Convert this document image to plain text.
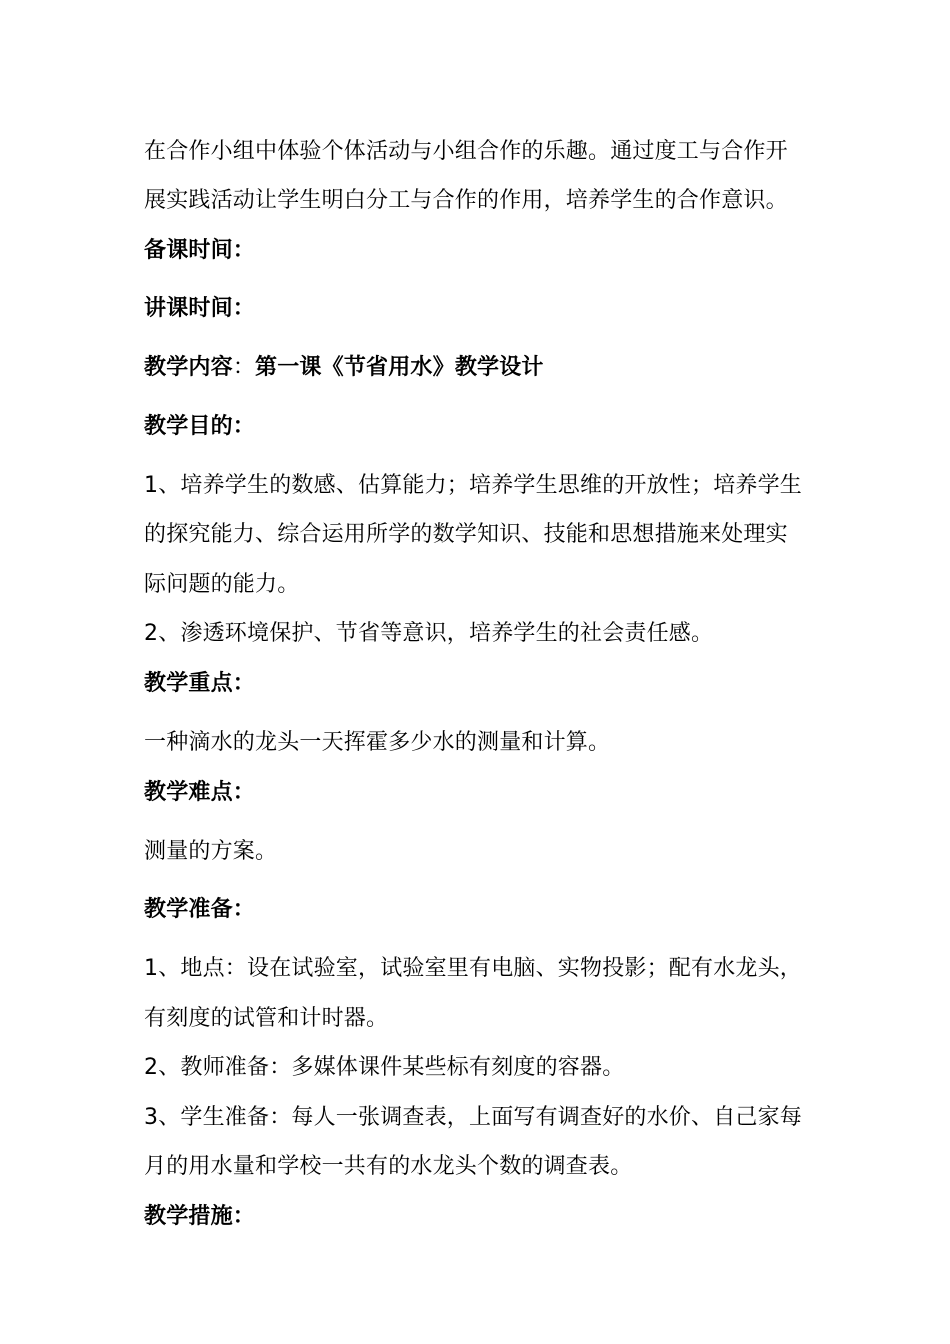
在合作小组中体验个体活动与小组合作的乐趣。通过度工与合作开
展实践活动让学生明白分工与合作的作用，培养学生的合作意识。
备课时间：
讲课时间：
教学内容：第一课《节省用水》教学设计
教学目的：
1、培养学生的数感、估算能力；培养学生思维的开放性；培养学生
的探究能力、综合运用所学的数学知识、技能和思想措施来处理实
际问题的能力。
2、渗透环境保护、节省等意识，培养学生的社会责任感。
教学重点：
一种滴水的龙头一天挥霍多少水的测量和计算。
教学难点：
测量的方案。
教学准备：
1、地点：设在试验室，试验室里有电脑、实物投影；配有水龙头，
有刻度的试管和计时器。
2、教师准备：多媒体课件某些标有刻度的容器。
3、学生准备：每人一张调查表，上面写有调查好的水价、自己家每
月的用水量和学校一共有的水龙头个数的调查表。
教学措施：
